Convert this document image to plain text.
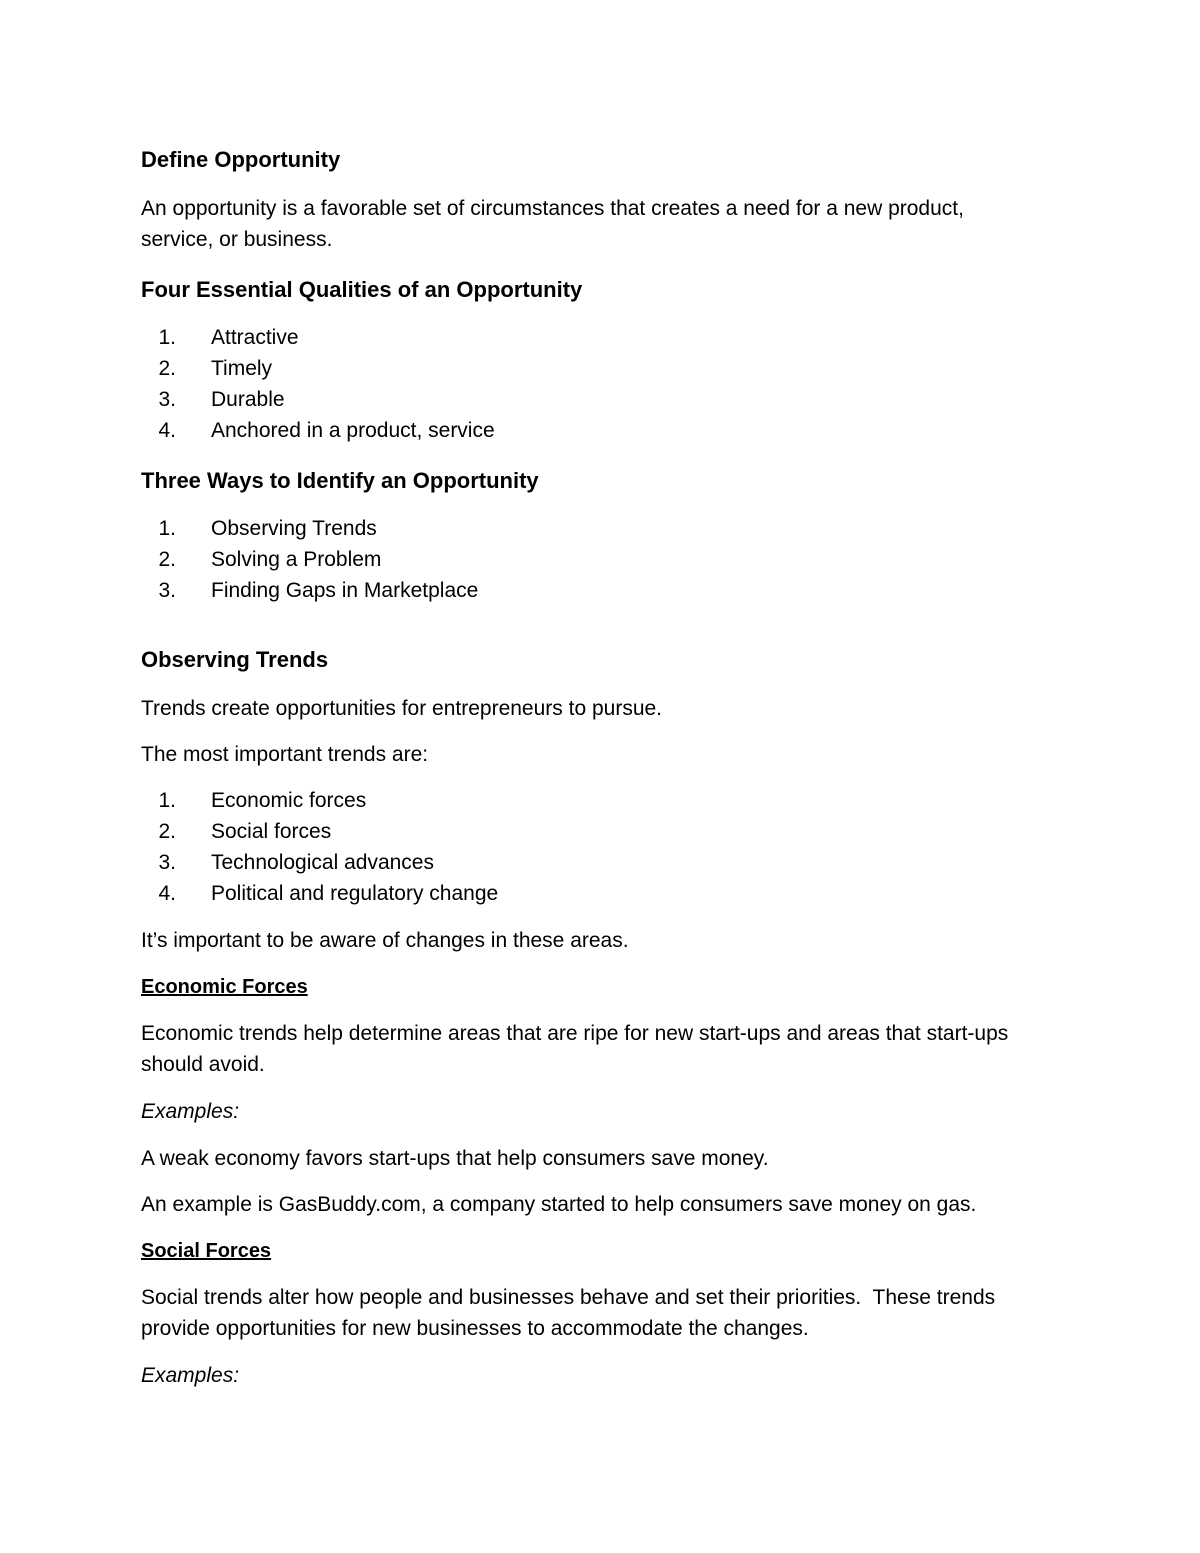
Define Opportunity
An opportunity is a favorable set of circumstances that creates a need for a new product,
service, or business.
Four Essential Qualities of an Opportunity
1. Attractive
2. Timely
3. Durable
4. Anchored in a product, service
Three Ways to Identify an Opportunity
1. Observing Trends
2. Solving a Problem
3. Finding Gaps in Marketplace
Observing Trends
Trends create opportunities for entrepreneurs to pursue.
The most important trends are:
1. Economic forces
2. Social forces
3. Technological advances
4. Political and regulatory change
It’s important to be aware of changes in these areas.
Economic Forces
Economic trends help determine areas that are ripe for new start-ups and areas that start-ups
should avoid.
Examples:
A weak economy favors start-ups that help consumers save money.
An example is GasBuddy.com, a company started to help consumers save money on gas.
Social Forces
Social trends alter how people and businesses behave and set their priorities.  These trends
provide opportunities for new businesses to accommodate the changes.
Examples:
